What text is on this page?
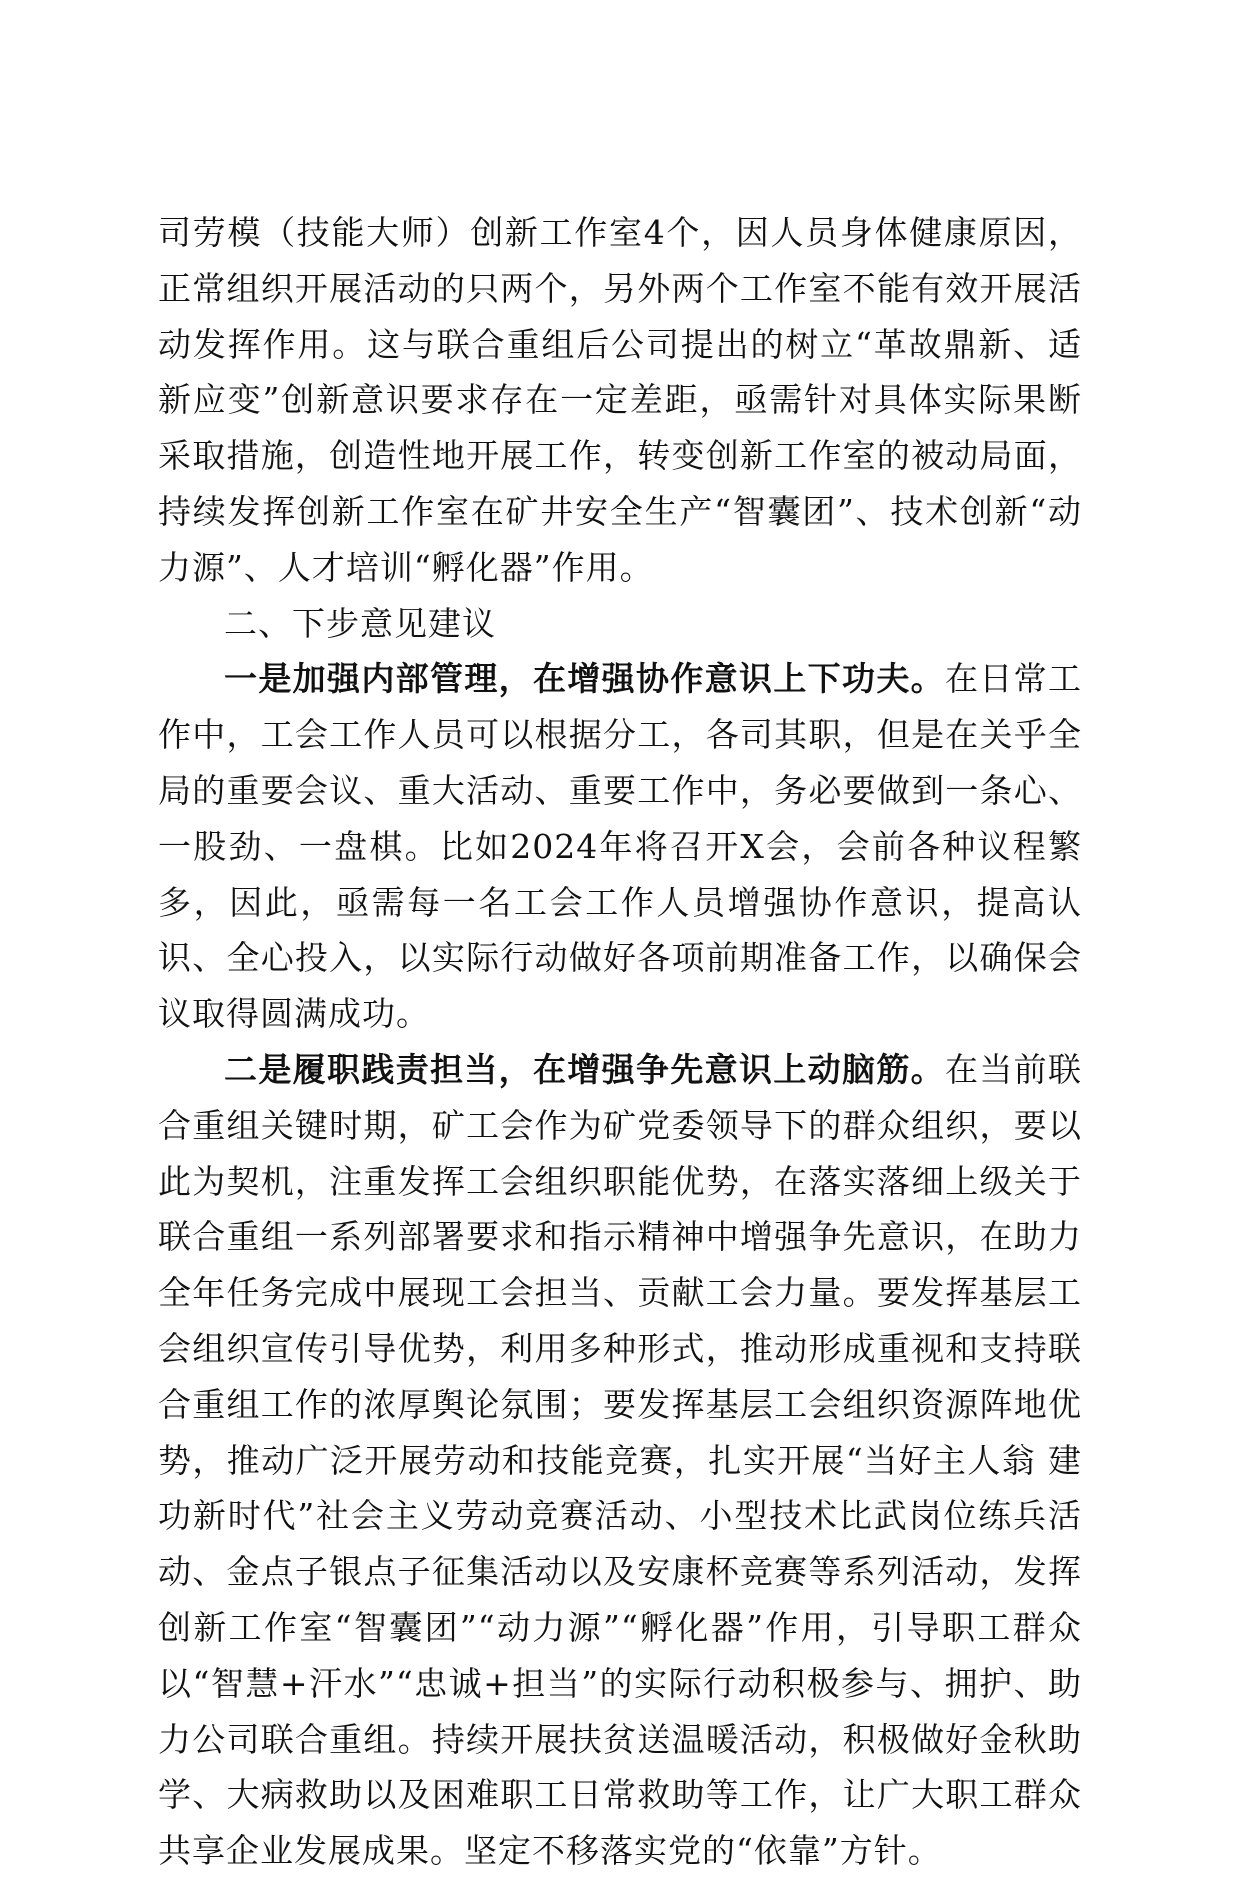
司劳模（技能大师）创新工作室4个，因人员身体健康原因，正常组织开展活动的只两个，另外两个工作室不能有效开展活动发挥作用。这与联合重组后公司提出的树立“革故鼎新、适新应变”创新意识要求存在一定差距，亟需针对具体实际果断采取措施，创造性地开展工作，转变创新工作室的被动局面，持续发挥创新工作室在矿井安全生产“智囊团”、技术创新“动力源”、人才培训“孵化器”作用。

二、下步意见建议

一是加强内部管理，在增强协作意识上下功夫。在日常工作中，工会工作人员可以根据分工，各司其职，但是在关乎全局的重要会议、重大活动、重要工作中，务必要做到一条心、一股劲、一盘棋。比如2024年将召开X会，会前各种议程繁多，因此，亟需每一名工会工作人员增强协作意识，提高认识、全心投入，以实际行动做好各项前期准备工作，以确保会议取得圆满成功。

二是履职践责担当，在增强争先意识上动脑筋。在当前联合重组关键时期，矿工会作为矿党委领导下的群众组织，要以此为契机，注重发挥工会组织职能优势，在落实落细上级关于联合重组一系列部署要求和指示精神中增强争先意识，在助力全年任务完成中展现工会担当、贡献工会力量。要发挥基层工会组织宣传引导优势，利用多种形式，推动形成重视和支持联合重组工作的浓厚舆论氛围；要发挥基层工会组织资源阵地优势，推动广泛开展劳动和技能竞赛，扎实开展“当好主人翁 建功新时代”社会主义劳动竞赛活动、小型技术比武岗位练兵活动、金点子银点子征集活动以及安康杯竞赛等系列活动，发挥创新工作室“智囊团”“动力源”“孵化器”作用，引导职工群众以“智慧+汗水”“忠诚+担当”的实际行动积极参与、拥护、助力公司联合重组。持续开展扶贫送温暖活动，积极做好金秋助学、大病救助以及困难职工日常救助等工作，让广大职工群众共享企业发展成果。坚定不移落实党的“依靠”方针。
